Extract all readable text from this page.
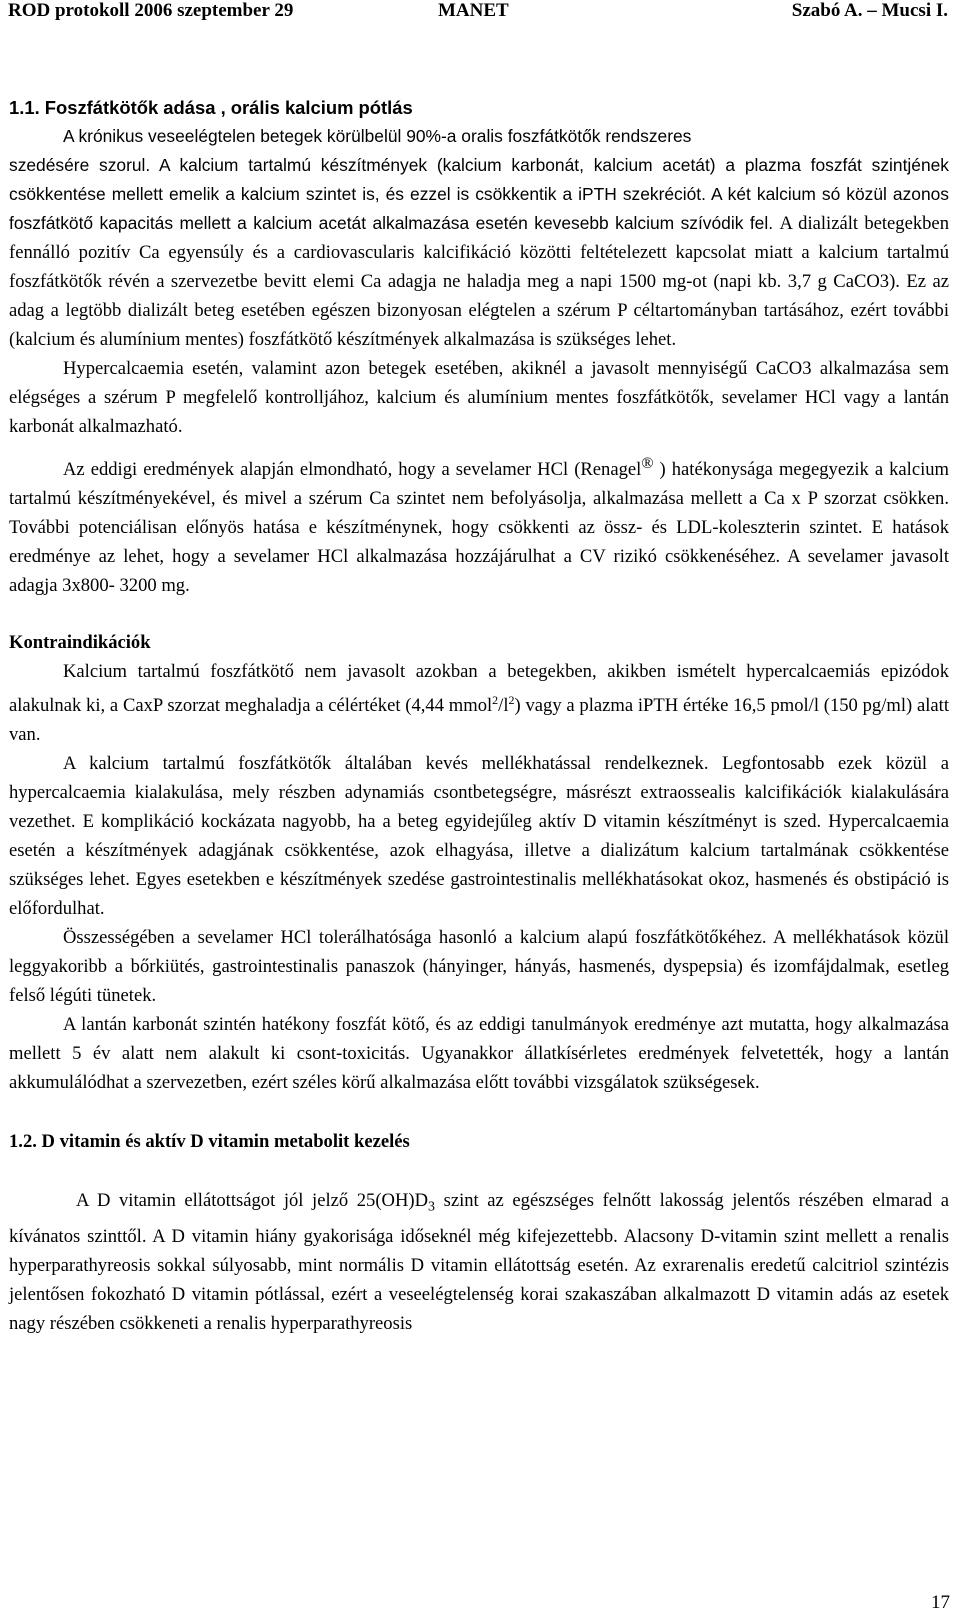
ROD protokoll 2006 szeptember 29	MANET	Szabó A. – Mucsi I.
1.1. Foszfátkötők adása , orális kalcium pótlás

A krónikus veseelégtelen betegek körülbelül 90%-a oralis foszfátkötők rendszeres

szedésére szorul. A kalcium tartalmú készítmények (kalcium karbonát, kalcium acetát) a plazma foszfát szintjének csökkentése mellett emelik a kalcium szintet is, és ezzel is csökkentik a iPTH szekréciót. A két kalcium só közül azonos foszfátkötő kapacitás mellett a kalcium acetát alkalmazása esetén kevesebb kalcium szívódik fel. A dializált betegekben fennálló pozitív Ca egyensúly és a cardiovascularis kalcifikáció közötti feltételezett kapcsolat miatt a kalcium tartalmú foszfátkötők révén a szervezetbe bevitt elemi Ca adagja ne haladja meg a napi 1500 mg-ot (napi kb. 3,7 g CaCO3). Ez az adag a legtöbb dializált beteg esetében egészen bizonyosan elégtelen a szérum P céltartományban tartásához, ezért további (kalcium és alumínium mentes) foszfátkötő készítmények alkalmazása is szükséges lehet.

Hypercalcaemia esetén, valamint azon betegek esetében, akiknél a javasolt mennyiségű CaCO3 alkalmazása sem elégséges a szérum P megfelelő kontrolljához, kalcium és alumínium mentes foszfátkötők, sevelamer HCl vagy a lantán karbonát alkalmazható.

Az eddigi eredmények alapján elmondható, hogy a sevelamer HCl (Renagel® ) hatékonysága megegyezik a kalcium tartalmú készítményekével, és mivel a szérum Ca szintet nem befolyásolja, alkalmazása mellett a Ca x P szorzat csökken. További potenciálisan előnyös hatása e készítménynek, hogy csökkenti az össz- és LDL-koleszterin szintet. E hatások eredménye az lehet, hogy a sevelamer HCl alkalmazása hozzájárulhat a CV rizikó csökkenéséhez. A sevelamer javasolt adagja 3x800- 3200 mg.

Kontraindikációk

Kalcium tartalmú foszfátkötő nem javasolt azokban a betegekben, akikben ismételt hypercalcaemiás epizódok alakulnak ki, a CaxP szorzat meghaladja a célértéket (4,44 $mmol^2/l^2$) vagy a plazma iPTH értéke 16,5 pmol/l (150 pg/ml) alatt van.

A kalcium tartalmú foszfátkötők általában kevés mellékhatással rendelkeznek. Legfontosabb ezek közül a hypercalcaemia kialakulása, mely részben adynamiás csontbetegségre, másrészt extraossealis kalcifikációk kialakulására vezethet. E komplikáció kockázata nagyobb, ha a beteg egyidejűleg aktív D vitamin készítményt is szed. Hypercalcaemia esetén a készítmények adagjának csökkentése, azok elhagyása, illetve a dializátum kalcium tartalmának csökkentése szükséges lehet. Egyes esetekben e készítmények szedése gastrointestinalis mellékhatásokat okoz, hasmenés és obstipáció is előfordulhat.

Összességében a sevelamer HCl tolerálhatósága hasonló a kalcium alapú foszfátkötőkéhez. A mellékhatások közül leggyakoribb a bőrkiütés, gastrointestinalis panaszok (hányinger, hányás, hasmenés, dyspepsia) és izomfájdalmak, esetleg felső légúti tünetek.

A lantán karbonát szintén hatékony foszfát kötő, és az eddigi tanulmányok eredménye azt mutatta, hogy alkalmazása mellett 5 év alatt nem alakult ki csont-toxicitás. Ugyanakkor állatkísérletes eredmények felvetették, hogy a lantán akkumulálódhat a szervezetben, ezért széles körű alkalmazása előtt további vizsgálatok szükségesek.

1.2. D vitamin és aktív D vitamin metabolit kezelés

A D vitamin ellátottságot jól jelző $25(OH)D_3$ szint az egészséges felnőtt lakosság jelentős részében elmarad a kívánatos szinttől. A D vitamin hiány gyakorisága időseknél még kifejezettebb. Alacsony D-vitamin szint mellett a renalis hyperparathyreosis sokkal súlyosabb, mint normális D vitamin ellátottság esetén. Az exrarenalis eredetű calcitriol szintézis jelentősen fokozható D vitamin pótlással, ezért a veseelégtelenség korai szakaszában alkalmazott D vitamin adás az esetek nagy részében csökkeneti a renalis hyperparathyreosis

17
